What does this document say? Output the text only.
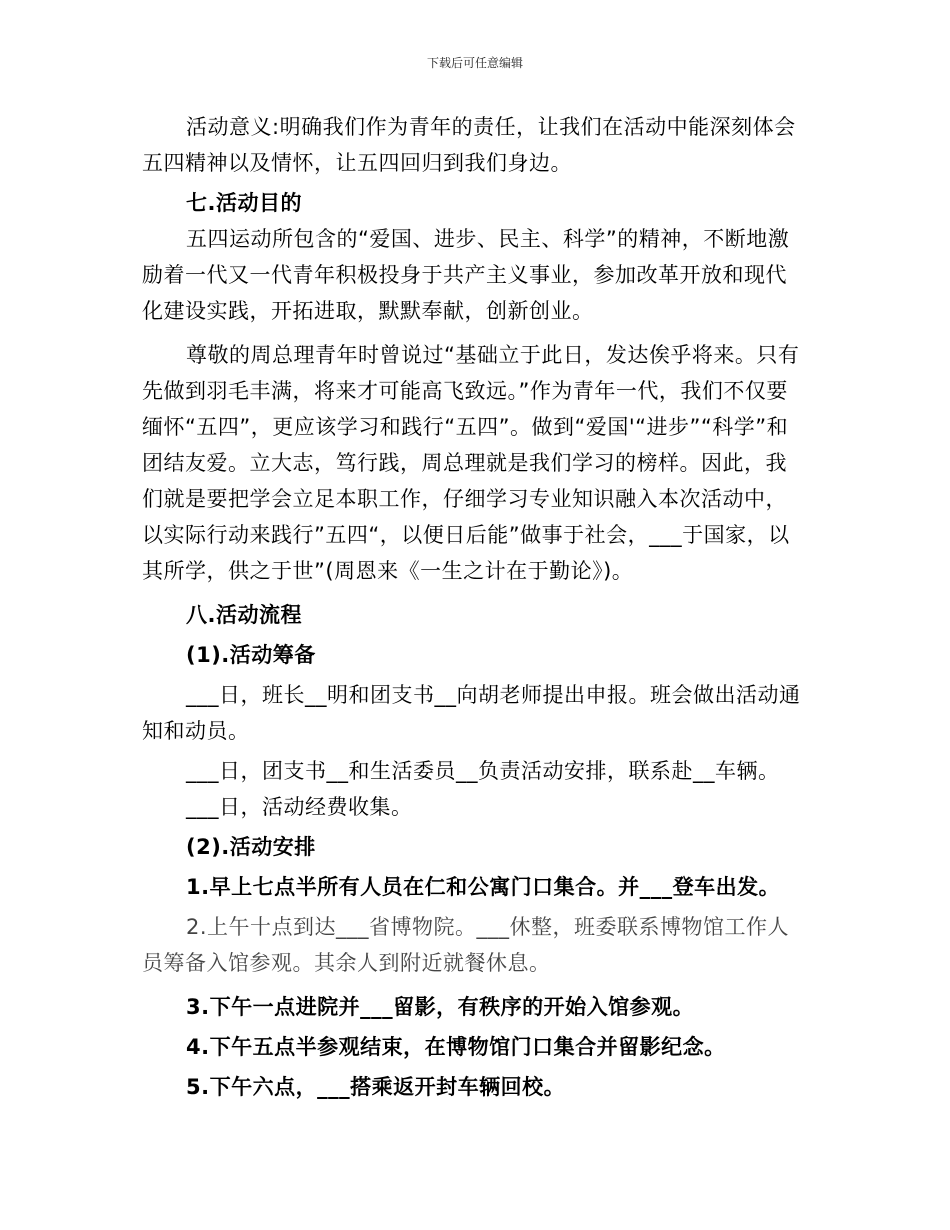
下载后可任意编辑

活动意义:明确我们作为青年的责任，让我们在活动中能深刻体会五四精神以及情怀，让五四回归到我们身边。

七.活动目的

五四运动所包含的“爱国、进步、民主、科学”的精神，不断地激励着一代又一代青年积极投身于共产主义事业，参加改革开放和现代化建设实践，开拓进取，默默奉献，创新创业。

尊敬的周总理青年时曾说过“基础立于此日，发达俟乎将来。只有先做到羽毛丰满，将来才可能高飞致远。”作为青年一代，我们不仅要缅怀“五四”，更应该学习和践行“五四”。做到“爱国'“进步”“科学”和团结友爱。立大志，笃行践，周总理就是我们学习的榜样。因此，我们就是要把学会立足本职工作，仔细学习专业知识融入本次活动中，以实际行动来践行”五四“，以便日后能”做事于社会，___于国家，以其所学，供之于世”(周恩来《一生之计在于勤论》)。

八.活动流程

(1).活动筹备

___日，班长__明和团支书__向胡老师提出申报。班会做出活动通知和动员。

___日，团支书__和生活委员__负责活动安排，联系赴__车辆。

___日，活动经费收集。

(2).活动安排

1.早上七点半所有人员在仁和公寓门口集合。并___登车出发。

2.上午十点到达___省博物院。___休整，班委联系博物馆工作人员筹备入馆参观。其余人到附近就餐休息。

3.下午一点进院并___留影，有秩序的开始入馆参观。

4.下午五点半参观结束，在博物馆门口集合并留影纪念。

5.下午六点，___搭乘返开封车辆回校。
